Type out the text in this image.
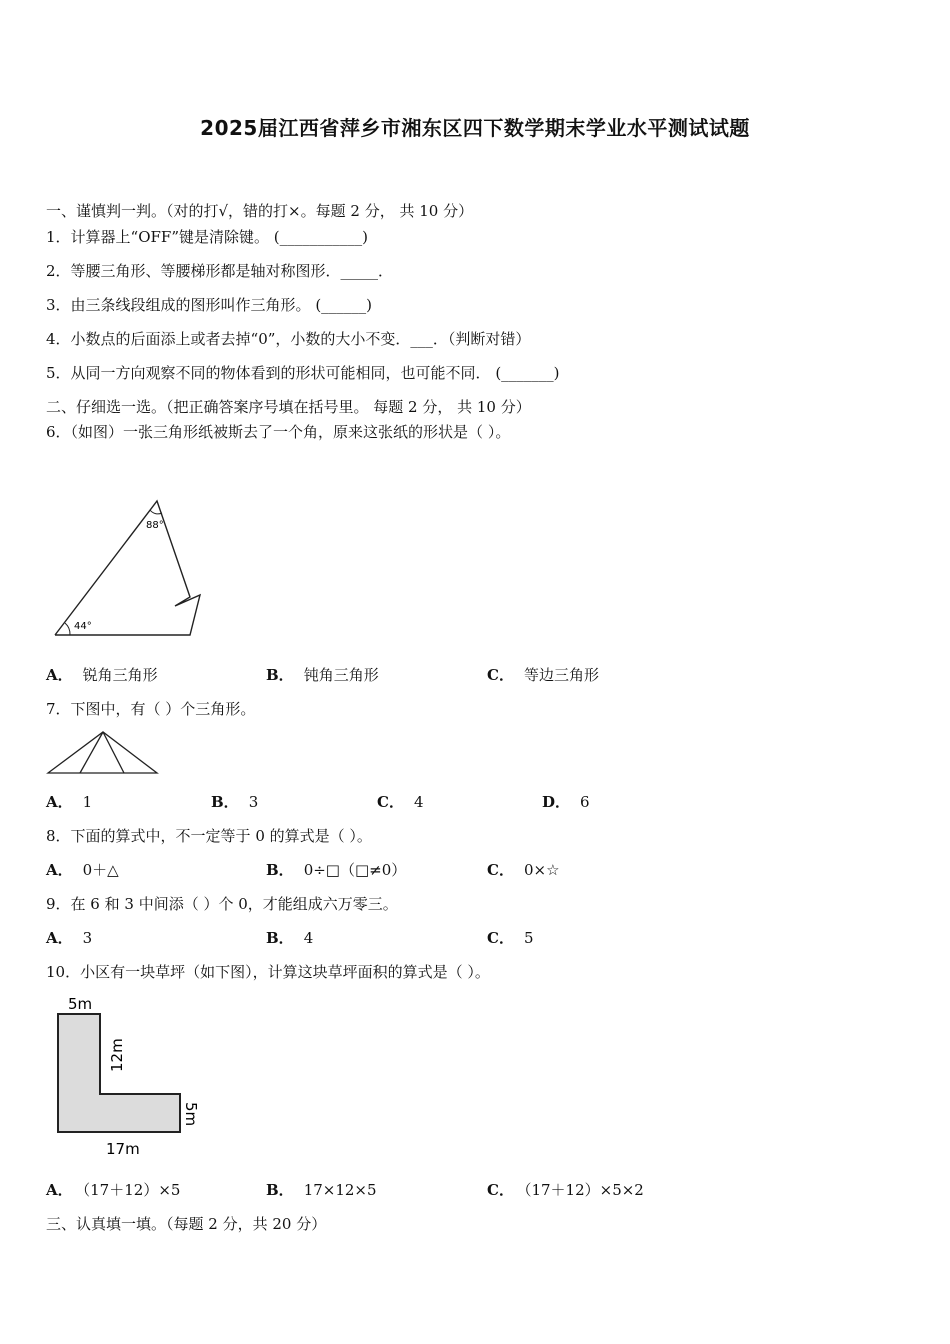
2025届江西省萍乡市湘东区四下数学期末学业水平测试试题
一、谨慎判一判。（对的打√，错的打×。每题 2 分， 共 10 分）
1．计算器上“OFF”键是清除键。 (___________)
2．等腰三角形、等腰梯形都是轴对称图形．_____．
3．由三条线段组成的图形叫作三角形。 (______)
4．小数点的后面添上或者去掉“0”，小数的大小不变．___．（判断对错）
5．从同一方向观察不同的物体看到的形状可能相同，也可能不同． (_______)
二、仔细选一选。（把正确答案序号填在括号里。 每题 2 分， 共 10 分）
6．（如图）一张三角形纸被斯去了一个角，原来这张纸的形状是（ ）。
88°
44°
A． 锐角三角形	B． 钝角三角形	C． 等边三角形
7．下图中，有（ ）个三角形。
A． 1	B． 3	C． 4	D． 6
8．下面的算式中，不一定等于 0 的算式是（ ）。
A． 0＋△	B． 0÷□（□≠0）	C． 0×☆
9．在 6 和 3 中间添（ ）个 0，才能组成六万零三。
A． 3	B． 4	C． 5
10．小区有一块草坪（如下图），计算这块草坪面积的算式是（ ）。
5m
12m
5m
17m
A． （17＋12）×5	B． 17×12×5	C． （17＋12）×5×2
三、认真填一填。（每题 2 分，共 20 分）
